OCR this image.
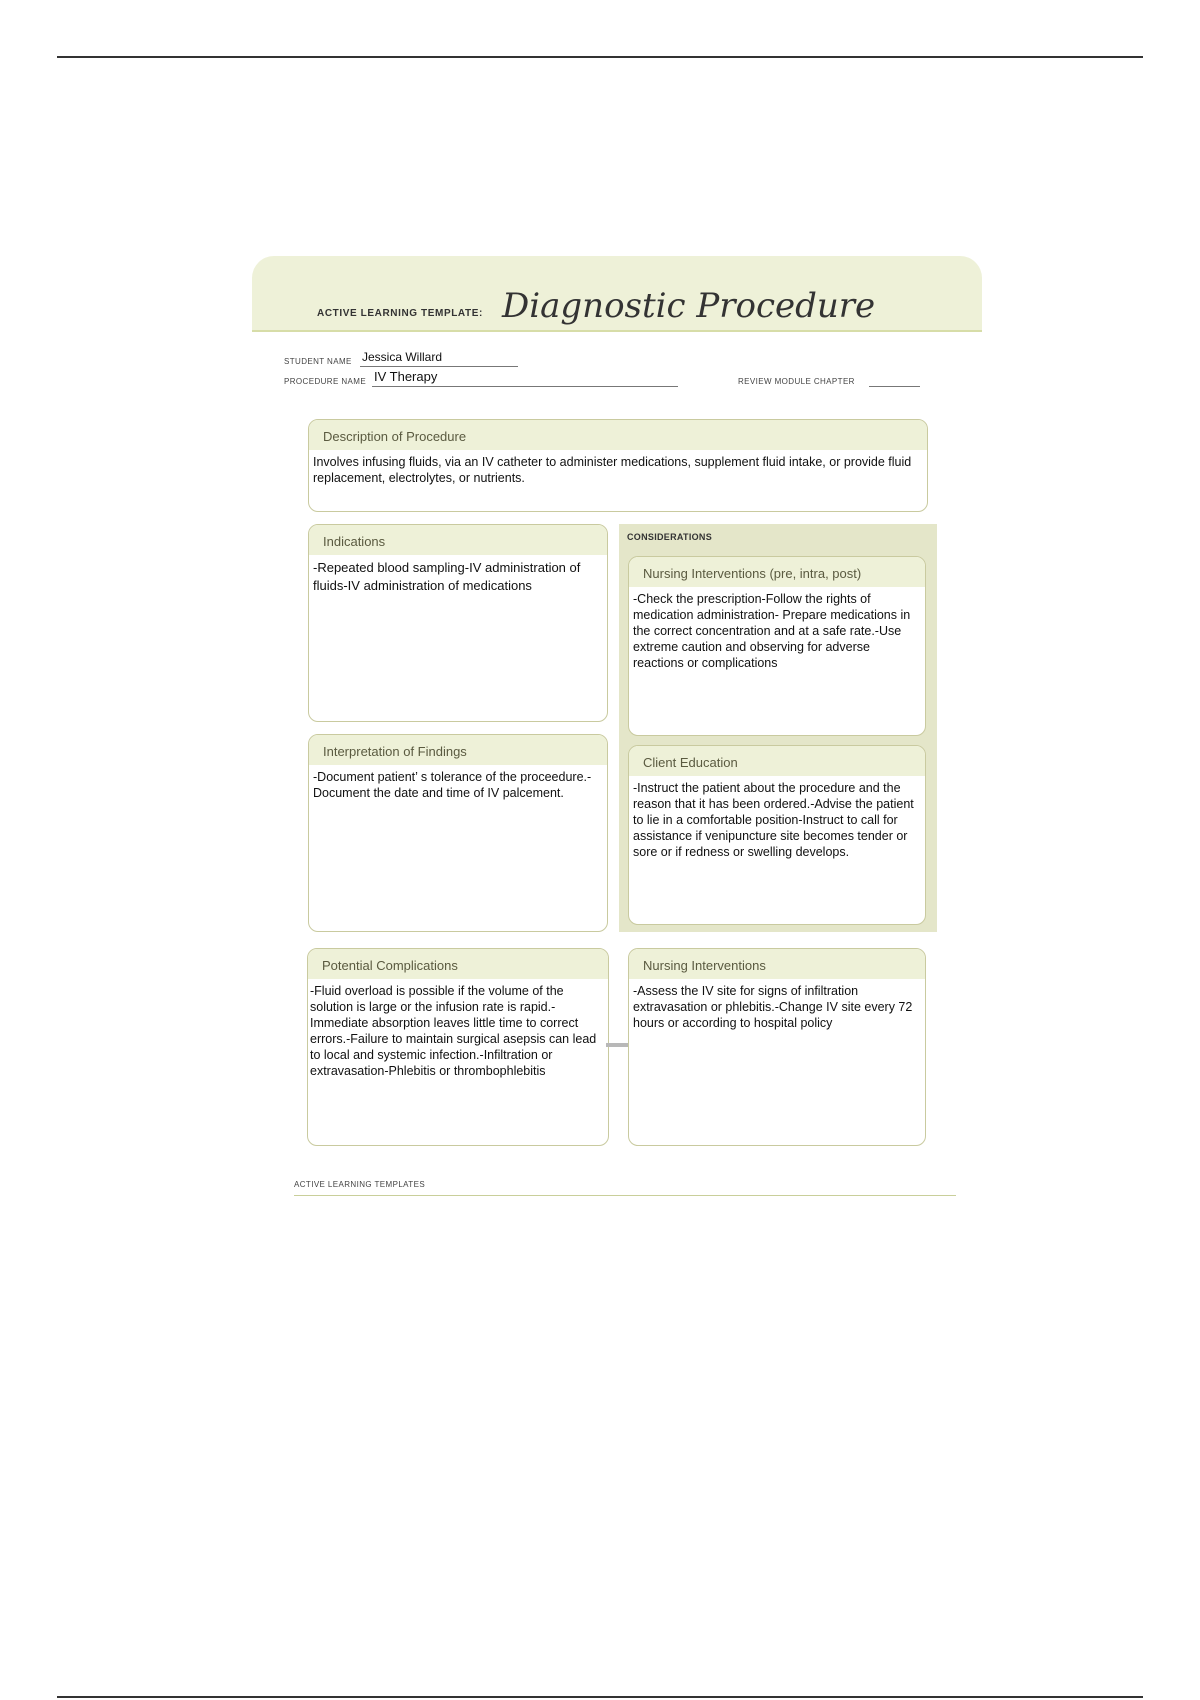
ACTIVE LEARNING TEMPLATE: Diagnostic Procedure
STUDENT NAME Jessica Willard
PROCEDURE NAME IV Therapy	REVIEW MODULE CHAPTER
Description of Procedure
Involves infusing fluids, via an IV catheter to administer medications, supplement fluid intake, or provide fluid replacement, electrolytes, or nutrients.
Indications
-Repeated blood sampling-IV administration of fluids-IV administration of medications
CONSIDERATIONS
Nursing Interventions (pre, intra, post)
-Check the prescription-Follow the rights of medication administration- Prepare medications in the correct concentration and at a safe rate.-Use extreme caution and observing for adverse reactions or complications
Interpretation of Findings
-Document patient’ s tolerance of the proceedure.-Document the date and time of IV palcement.
Client Education
-Instruct the patient about the procedure and the reason that it has been ordered.-Advise the patient to lie in a comfortable position-Instruct to call for assistance if venipuncture site becomes tender or sore or if redness or swelling develops.
Potential Complications
-Fluid overload is possible if the volume of the solution is large or the infusion rate is rapid.-Immediate absorption leaves little time to correct errors.-Failure to maintain surgical asepsis can lead to local and systemic infection.-Infiltration or extravasation-Phlebitis or thrombophlebitis
Nursing Interventions
-Assess the IV site for signs of infiltration extravasation or phlebitis.-Change IV site every 72 hours or according to hospital policy
ACTIVE LEARNING TEMPLATES
